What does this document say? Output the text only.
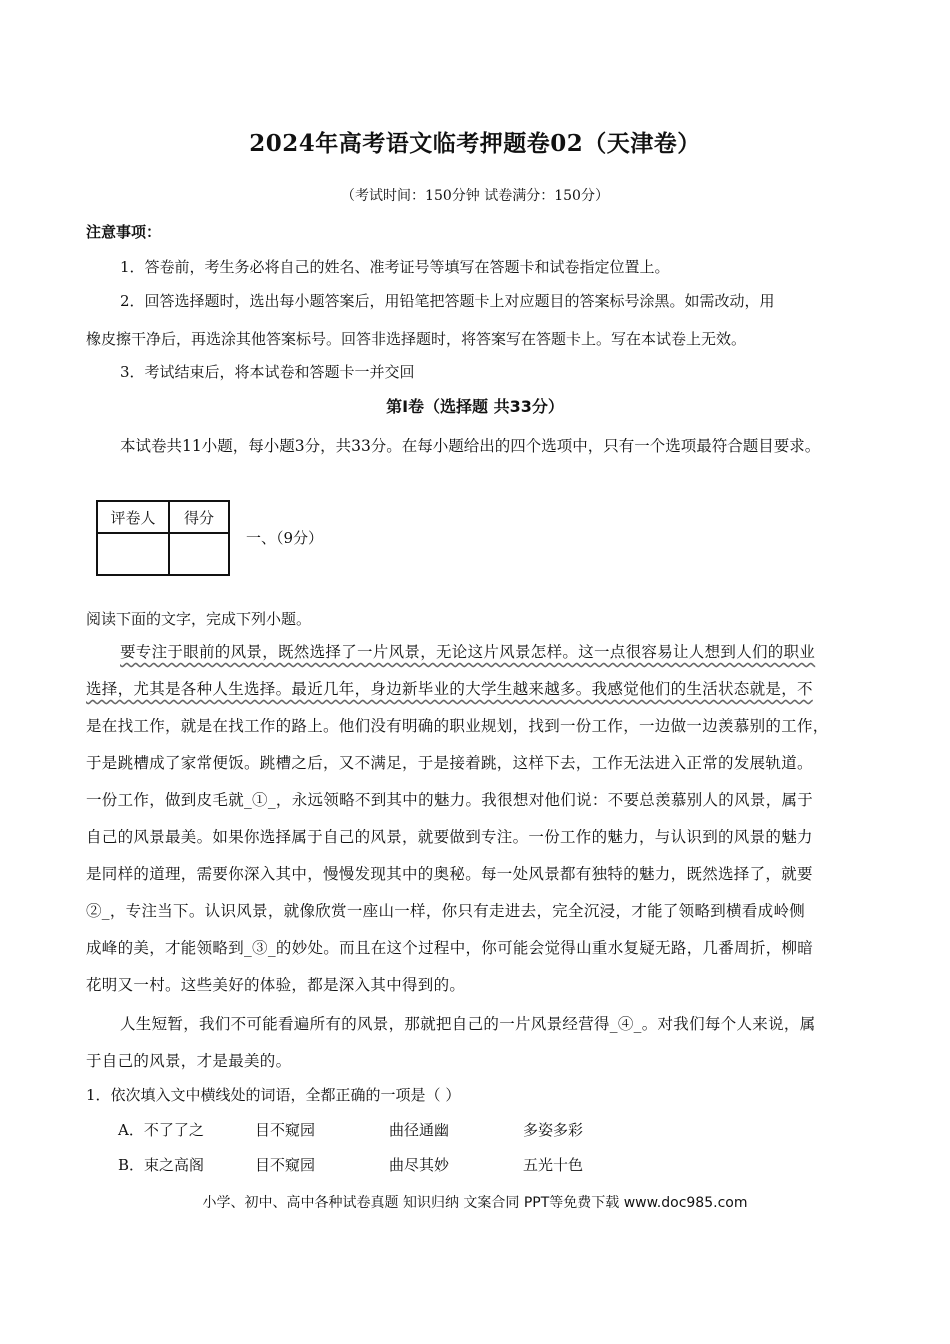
2024年高考语文临考押题卷02（天津卷）
（考试时间：150分钟 试卷满分：150分）
注意事项：
1．答卷前，考生务必将自己的姓名、准考证号等填写在答题卡和试卷指定位置上。
2．回答选择题时，选出每小题答案后，用铅笔把答题卡上对应题目的答案标号涂黑。如需改动，用
橡皮擦干净后，再选涂其他答案标号。回答非选择题时，将答案写在答题卡上。写在本试卷上无效。
3．考试结束后，将本试卷和答题卡一并交回
第Ⅰ卷（选择题 共33分）
本试卷共11小题，每小题3分，共33分。在每小题给出的四个选项中，只有一个选项最符合题目要求。
评卷人	得分

一、（9分）
阅读下面的文字，完成下列小题。
要专注于眼前的风景，既然选择了一片风景，无论这片风景怎样。这一点很容易让人想到人们的职业
选择，尤其是各种人生选择。最近几年，身边新毕业的大学生越来越多。我感觉他们的生活状态就是，不
是在找工作，就是在找工作的路上。他们没有明确的职业规划，找到一份工作，一边做一边羡慕别的工作，
于是跳槽成了家常便饭。跳槽之后，又不满足，于是接着跳，这样下去，工作无法进入正常的发展轨道。
一份工作，做到皮毛就_①_，永远领略不到其中的魅力。我很想对他们说：不要总羡慕别人的风景，属于
自己的风景最美。如果你选择属于自己的风景，就要做到专注。一份工作的魅力，与认识到的风景的魅力
是同样的道理，需要你深入其中，慢慢发现其中的奥秘。每一处风景都有独特的魅力，既然选择了，就要
②_，专注当下。认识风景，就像欣赏一座山一样，你只有走进去，完全沉浸，才能了领略到横看成岭侧
成峰的美，才能领略到_③_的妙处。而且在这个过程中，你可能会觉得山重水复疑无路，几番周折，柳暗
花明又一村。这些美好的体验，都是深入其中得到的。
人生短暂，我们不可能看遍所有的风景，那就把自己的一片风景经营得_④_。对我们每个人来说，属
于自己的风景，才是最美的。
1．依次填入文中横线处的词语，全都正确的一项是（ ）
A．不了了之	目不窥园	曲径通幽	多姿多彩
B．束之高阁	目不窥园	曲尽其妙	五光十色
小学、初中、高中各种试卷真题 知识归纳 文案合同 PPT等免费下载 www.doc985.com
